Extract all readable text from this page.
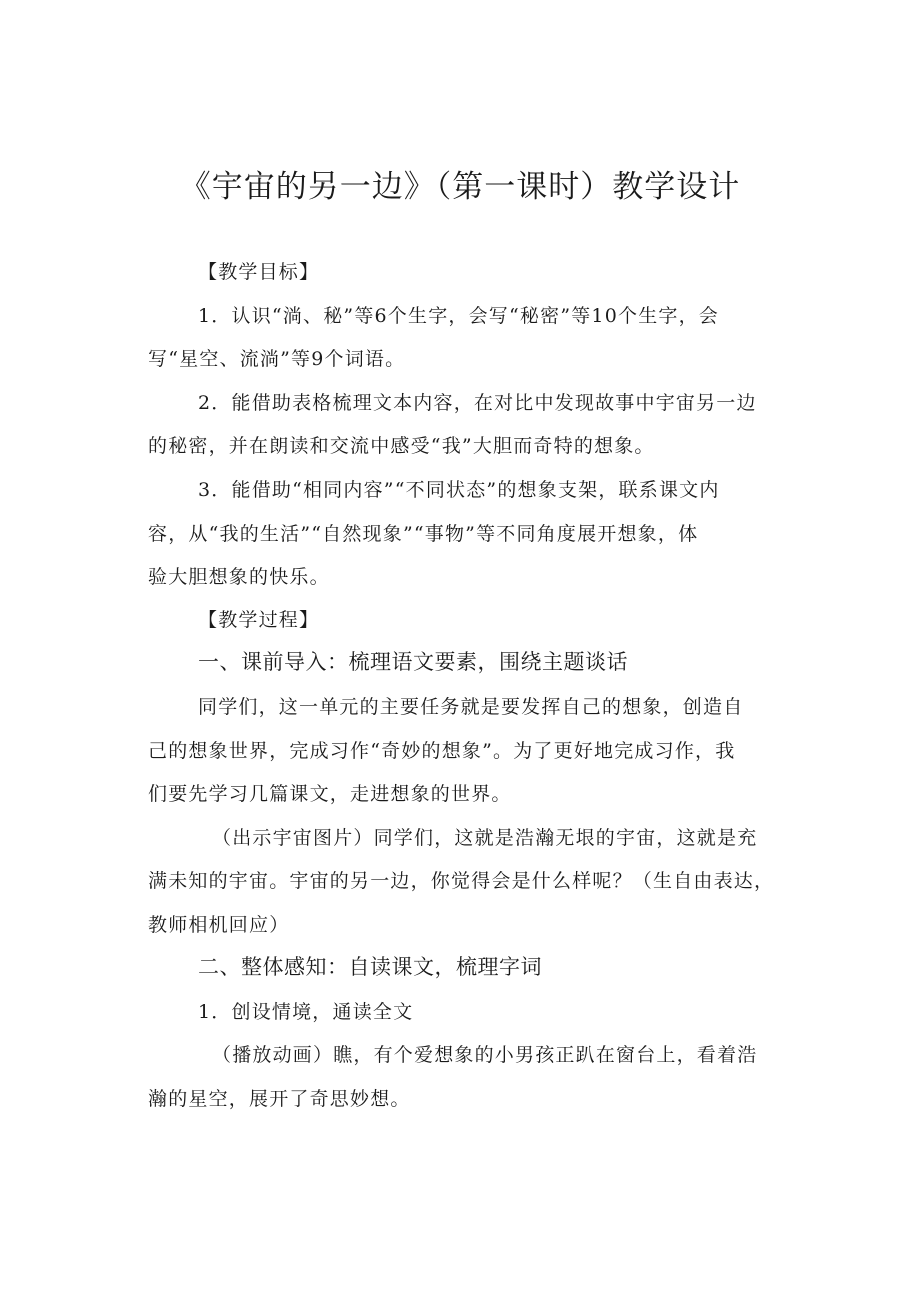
《宇宙的另一边》（第一课时）教学设计
【教学目标】
1．认识“淌、秘”等6个生字，会写“秘密”等10个生字，会
写“星空、流淌”等9个词语。
2．能借助表格梳理文本内容，在对比中发现故事中宇宙另一边
的秘密，并在朗读和交流中感受“我”大胆而奇特的想象。
3．能借助“相同内容”“不同状态”的想象支架，联系课文内
容，从“我的生活”“自然现象”“事物”等不同角度展开想象，体
验大胆想象的快乐。
【教学过程】
一、课前导入：梳理语文要素，围绕主题谈话
同学们，这一单元的主要任务就是要发挥自己的想象，创造自
己的想象世界，完成习作“奇妙的想象”。为了更好地完成习作，我
们要先学习几篇课文，走进想象的世界。
（出示宇宙图片）同学们，这就是浩瀚无垠的宇宙，这就是充
满未知的宇宙。宇宙的另一边，你觉得会是什么样呢？（生自由表达，
教师相机回应）
二、整体感知：自读课文，梳理字词
1．创设情境，通读全文
（播放动画）瞧，有个爱想象的小男孩正趴在窗台上，看着浩
瀚的星空，展开了奇思妙想。
